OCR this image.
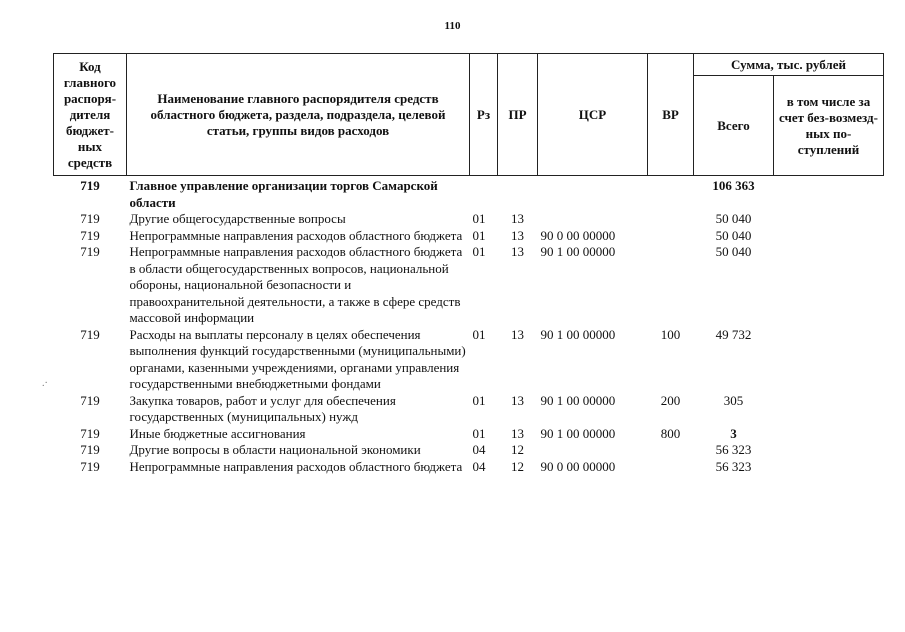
110
Код главного распоря-дителя бюджет-ных средств	Наименование главного распорядителя средств областного бюджета, раздела, подраздела, целевой статьи, группы видов расходов	Рз	ПР	ЦСР	ВР	Сумма, тыс. рублей	
						Всего	в том числе за счет без-возмезд-ных по-ступлений
719	Главное управление организации торгов Самарской области					106 363	
719	Другие общегосударственные вопросы	01	13			50 040	
719	Непрограммные направления расходов областного бюджета	01	13	90 0 00 00000		50 040	
719	Непрограммные направления расходов областного бюджета в области общегосударственных вопросов, национальной обороны, национальной безопасности и правоохранительной деятельности, а также в сфере средств массовой информации	01	13	90 1 00 00000		50 040	
719	Расходы на выплаты персоналу в целях обеспечения выполнения функций государственными (муниципальными) органами, казенными учреждениями, органами управления государственными внебюджетными фондами	01	13	90 1 00 00000	100	49 732	
719	Закупка товаров, работ и услуг для обеспечения государственных (муниципальных) нужд	01	13	90 1 00 00000	200	305	
719	Иные бюджетные ассигнования	01	13	90 1 00 00000	800	3	
719	Другие вопросы в области национальной экономики	04	12			56 323	
719	Непрограммные направления расходов областного бюджета	04	12	90 0 00 00000		56 323	
.·
